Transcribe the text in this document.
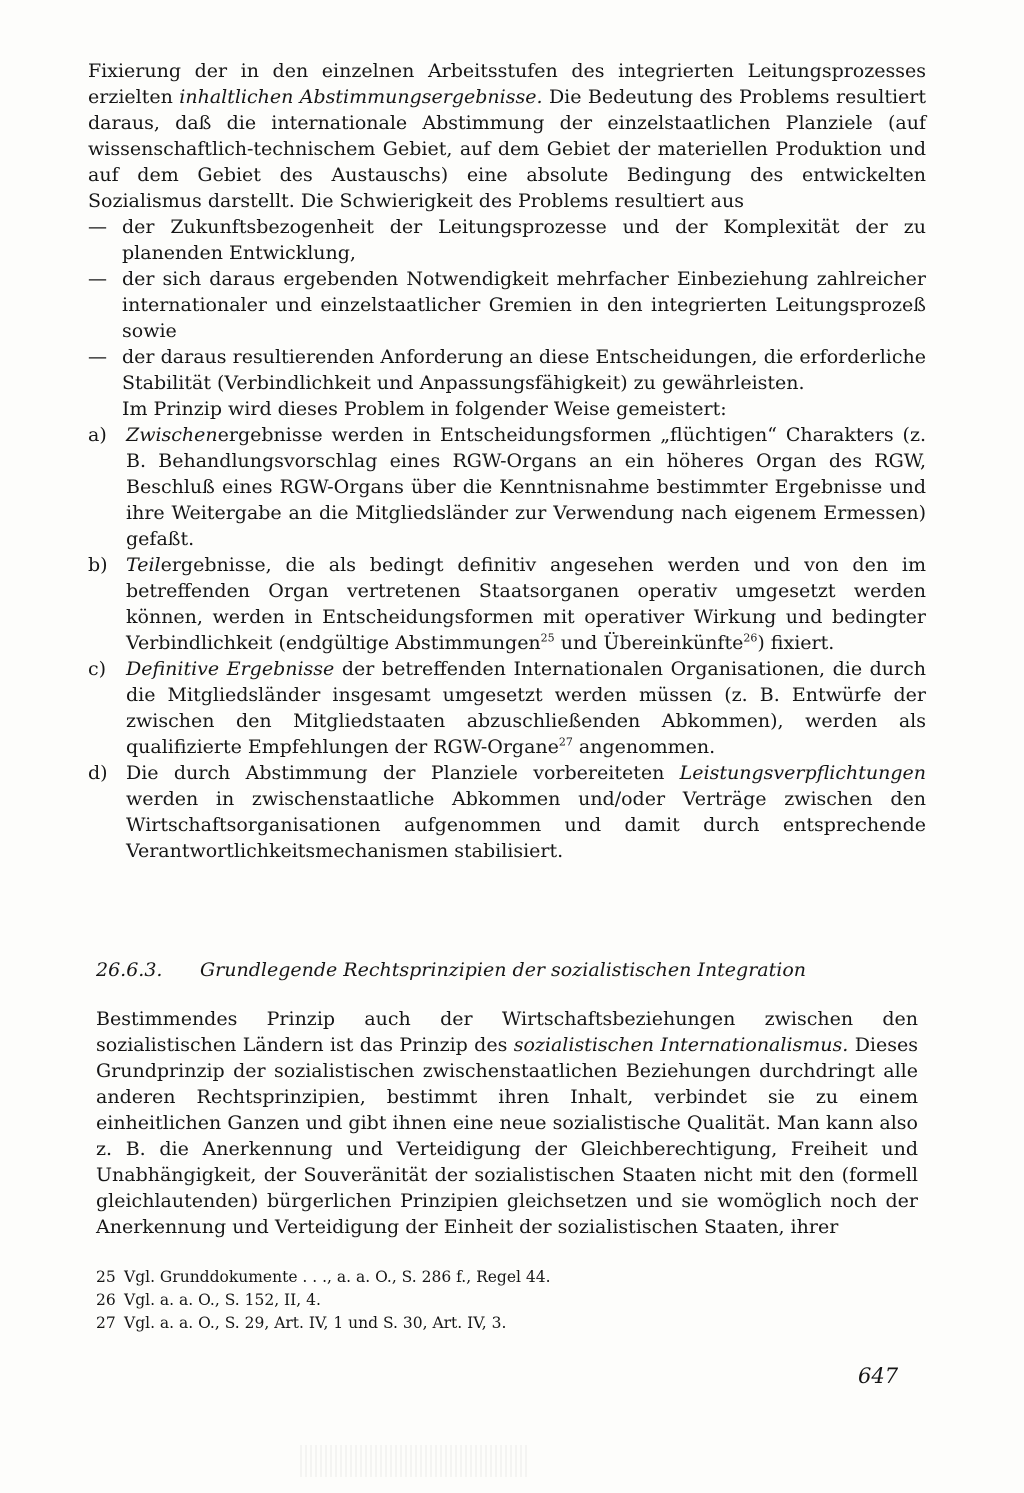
Fixierung der in den einzelnen Arbeitsstufen des integrierten Leitungsprozesses erzielten inhaltlichen Abstimmungsergebnisse. Die Bedeutung des Problems resultiert daraus, daß die internationale Abstimmung der einzelstaatlichen Planziele (auf wissenschaftlich-technischem Gebiet, auf dem Gebiet der materiellen Produktion und auf dem Gebiet des Austauschs) eine absolute Bedingung des entwickelten Sozialismus darstellt. Die Schwierigkeit des Problems resultiert aus

— der Zukunftsbezogenheit der Leitungsprozesse und der Komplexität der zu planenden Entwicklung,
— der sich daraus ergebenden Notwendigkeit mehrfacher Einbeziehung zahlreicher internationaler und einzelstaatlicher Gremien in den integrierten Leitungsprozeß sowie
— der daraus resultierenden Anforderung an diese Entscheidungen, die erforderliche Stabilität (Verbindlichkeit und Anpassungsfähigkeit) zu gewährleisten.
Im Prinzip wird dieses Problem in folgender Weise gemeistert:
a)	Zwischenergebnisse werden in Entscheidungsformen „flüchtigen“ Charakters (z. B. Behandlungsvorschlag eines RGW-Organs an ein höheres Organ des RGW, Beschluß eines RGW-Organs über die Kenntnisnahme bestimmter Ergebnisse und ihre Weitergabe an die Mitgliedsländer zur Verwendung nach eigenem Ermessen) gefaßt.
b) Teilergebnisse, die als bedingt definitiv angesehen werden und von den im betreffenden Organ vertretenen Staatsorganen operativ umgesetzt werden können, werden in Entscheidungsformen mit operativer Wirkung und bedingter Verbindlichkeit (endgültige Abstimmungen$^{25}$ und Übereinkünfte$^{26}$) fixiert.
c)	Definitive Ergebnisse der betreffenden Internationalen Organisationen, die durch die Mitgliedsländer insgesamt umgesetzt werden müssen (z. B. Entwürfe der zwischen den Mitgliedstaaten abzuschließenden Abkommen), werden als qualifizierte Empfehlungen der RGW-Organe$^{27}$ angenommen.
d) Die durch Abstimmung der Planziele vorbereiteten Leistungsverpflichtungen werden in zwischenstaatliche Abkommen und/oder Verträge zwischen den Wirtschaftsorganisationen aufgenommen und damit durch entsprechende Verantwortlichkeitsmechanismen stabilisiert.
26.6.3. Grundlegende Rechtsprinzipien der sozialistischen Integration

Bestimmendes Prinzip auch der Wirtschaftsbeziehungen zwischen den sozialistischen Ländern ist das Prinzip des sozialistischen Internationalismus. Dieses Grundprinzip der sozialistischen zwischenstaatlichen Beziehungen durchdringt alle anderen Rechtsprinzipien, bestimmt ihren Inhalt, verbindet sie zu einem einheitlichen Ganzen und gibt ihnen eine neue sozialistische Qualität. Man kann also z. B. die Anerkennung und Verteidigung der Gleichberechtigung, Freiheit und Unabhängigkeit, der Souveränität der sozialistischen Staaten nicht mit den (formell gleichlautenden) bürgerlichen Prinzipien gleichsetzen und sie womöglich noch der Anerkennung und Verteidigung der Einheit der sozialistischen Staaten, ihrer

25 Vgl. Grunddokumente . . ., a. a. O., S. 286 f., Regel 44.
26 Vgl. a. a. O., S. 152, II, 4.
27 Vgl. a. a. O., S. 29, Art. IV, 1 und S. 30, Art. IV, 3.
647
